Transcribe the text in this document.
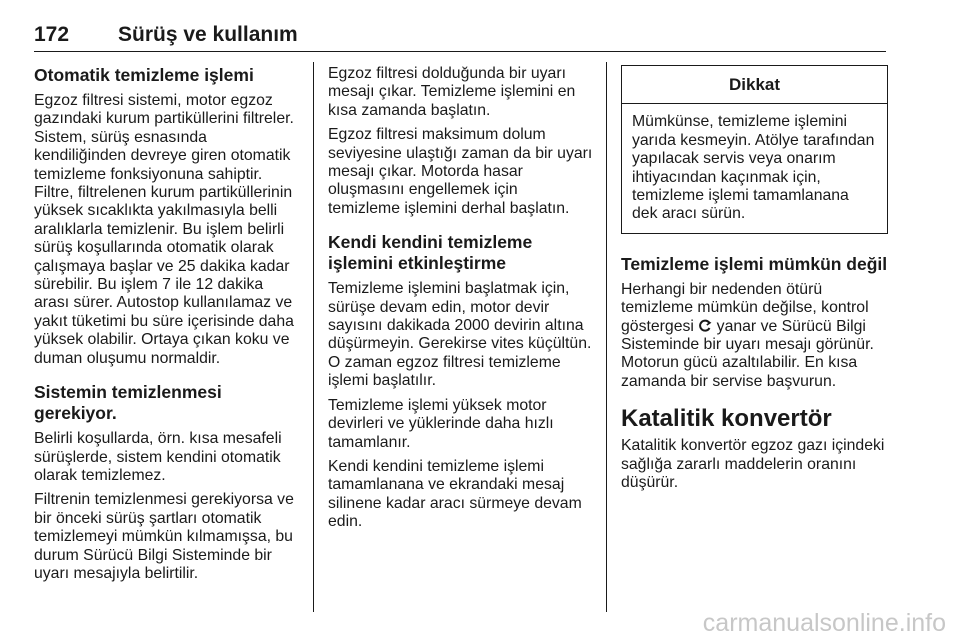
172 Sürüş ve kullanım
Otomatik temizleme işlemi

Egzoz filtresi sistemi, motor egzoz gazındaki kurum partiküllerini filtreler. Sistem, sürüş esnasında kendiliğinden devreye giren otomatik temizleme fonksiyonuna sahiptir. Filtre, filtrelenen kurum partiküllerinin yüksek sıcaklıkta yakılmasıyla belli aralıklarla temizlenir. Bu işlem belirli sürüş koşullarında otomatik olarak çalışmaya başlar ve 25 dakika kadar sürebilir. Bu işlem 7 ile 12 dakika arası sürer. Autostop kullanılamaz ve yakıt tüketimi bu süre içerisinde daha yüksek olabilir. Ortaya çıkan koku ve duman oluşumu normaldir.

Sistemin temizlenmesi gerekiyor.

Belirli koşullarda, örn. kısa mesafeli sürüşlerde, sistem kendini otomatik olarak temizlemez.

Filtrenin temizlenmesi gerekiyorsa ve bir önceki sürüş şartları otomatik temizlemeyi mümkün kılmamışsa, bu durum Sürücü Bilgi Sisteminde bir uyarı mesajıyla belirtilir.

Egzoz filtresi dolduğunda bir uyarı mesajı çıkar. Temizleme işlemini en kısa zamanda başlatın.

Egzoz filtresi maksimum dolum seviyesine ulaştığı zaman da bir uyarı mesajı çıkar. Motorda hasar oluşmasını engellemek için temizleme işlemini derhal başlatın.

Kendi kendini temizleme işlemini etkinleştirme

Temizleme işlemini başlatmak için, sürüşe devam edin, motor devir sayısını dakikada 2000 devirin altına düşürmeyin. Gerekirse vites küçültün. O zaman egzoz filtresi temizleme işlemi başlatılır.

Temizleme işlemi yüksek motor devirleri ve yüklerinde daha hızlı tamamlanır.

Kendi kendini temizleme işlemi tamamlanana ve ekrandaki mesaj silinene kadar aracı sürmeye devam edin.

Dikkat
Mümkünse, temizleme işlemini yarıda kesmeyin. Atölye tarafından yapılacak servis veya onarım ihtiyacından kaçınmak için, temizleme işlemi tamamlanana dek aracı sürün.
Temizleme işlemi mümkün değil

Herhangi bir nedenden ötürü temizleme mümkün değilse, kontrol göstergesi yanar ve Sürücü Bilgi Sisteminde bir uyarı mesajı görünür. Motorun gücü azaltılabilir. En kısa zamanda bir servise başvurun.

Katalitik konvertör

Katalitik konvertör egzoz gazı içindeki sağlığa zararlı maddelerin oranını düşürür.

carmanualsonline.info
